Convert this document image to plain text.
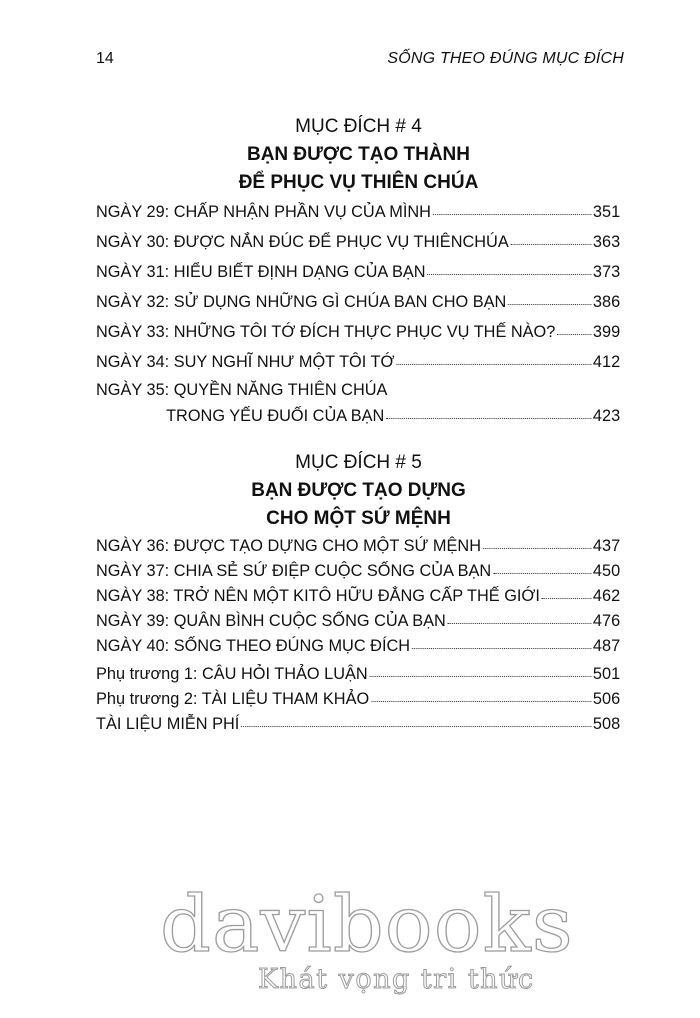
14	SỐNG THEO ĐÚNG MỤC ĐÍCH
MỤC ĐÍCH # 4
BẠN ĐƯỢC TẠO THÀNH
ĐỂ PHỤC VỤ THIÊN CHÚA
NGÀY 29: CHẤP NHẬN PHẦN VỤ CỦA MÌNH	351
NGÀY 30: ĐƯỢC NẮN ĐÚC ĐỂ PHỤC VỤ THIÊNCHÚA	363
NGÀY 31: HIỂU BIẾT ĐỊNH DẠNG CỦA BẠN	373
NGÀY 32: SỬ DỤNG NHỮNG GÌ CHÚA BAN CHO BẠN	386
NGÀY 33: NHỮNG TÔI TỚ ĐÍCH THỰC PHỤC VỤ THẾ NÀO? 399
NGÀY 34: SUY NGHĨ NHƯ MỘT TÔI TỚ	412
NGÀY 35: QUYỀN NĂNG THIÊN CHÚA
TRONG YẾU ĐUỐI CỦA BẠN	423
MỤC ĐÍCH # 5
BẠN ĐƯỢC TẠO DỰNG
CHO MỘT SỨ MỆNH
NGÀY 36: ĐƯỢC TẠO DỰNG CHO MỘT SỨ MỆNH	437
NGÀY 37: CHIA SẺ SỨ ĐIỆP CUỘC SỐNG CỦA BẠN	450
NGÀY 38: TRỞ NÊN MỘT KITÔ HỮU ĐẲNG CẤP THẾ GIỚI	462
NGÀY 39: QUÂN BÌNH CUỘC SỐNG CỦA BẠN	476
NGÀY 40: SỐNG THEO ĐÚNG MỤC ĐÍCH	487
Phụ trương 1: CÂU HỎI THẢO LUẬN	501
Phụ trương 2: TÀI LIỆU THAM KHẢO	506
TÀI LIỆU MIỄN PHÍ	508
davibooks
Khát vọng tri thức
